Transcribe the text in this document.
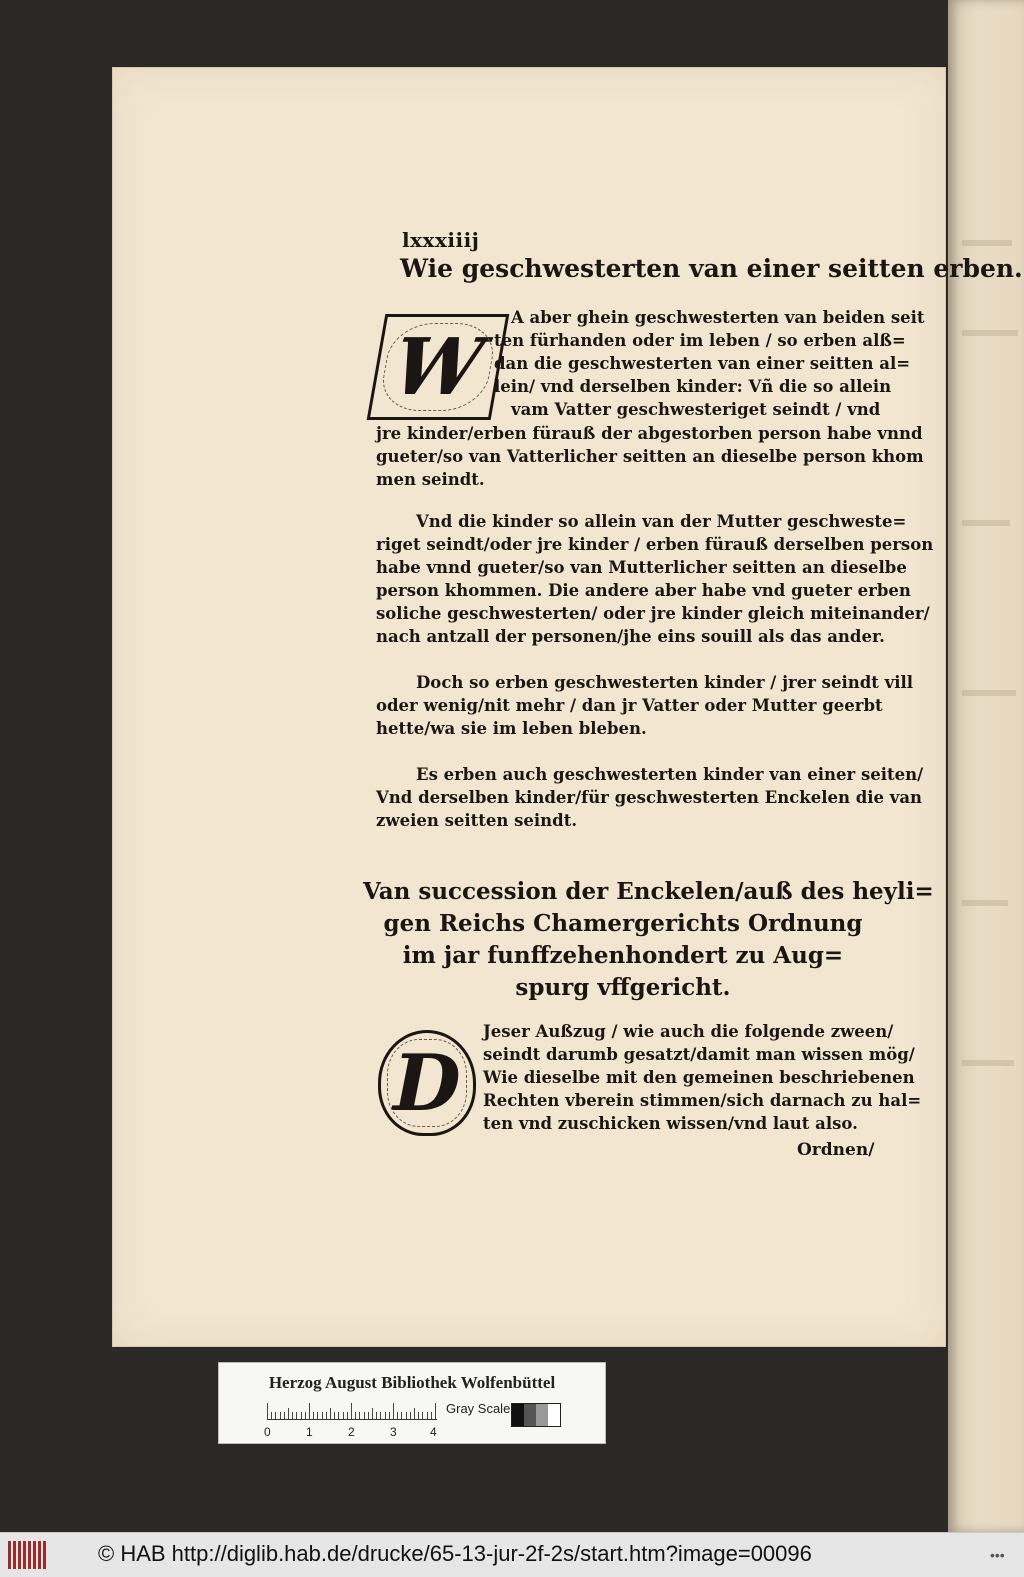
lxxxiiij
Wie geschwesterten van einer seitten erben.
W
A aber ghein geschwesterten van beiden seit
ten fürhanden oder im leben / so erben alß=
dan die geschwesterten van einer seitten al=
lein/ vnd derselben kinder: Vñ die so allein
vam Vatter geschwesteriget seindt / vnd
jre kinder/erben fürauß der abgestorben person habe vnnd
gueter/so van Vatterlicher seitten an dieselbe person khom
men seindt.
Vnd die kinder so allein van der Mutter geschweste=
riget seindt/oder jre kinder / erben fürauß derselben person
habe vnnd gueter/so van Mutterlicher seitten an dieselbe
person khommen. Die andere aber habe vnd gueter erben
soliche geschwesterten/ oder jre kinder gleich miteinander/
nach antzall der personen/jhe eins souill als das ander.
Doch so erben geschwesterten kinder / jrer seindt vill
oder wenig/nit mehr / dan jr Vatter oder Mutter geerbt
hette/wa sie im leben bleben.
Es erben auch geschwesterten kinder van einer seiten/
Vnd derselben kinder/für geschwesterten Enckelen die van
zweien seitten seindt.
Van succession der Enckelen/auß des heyli=
gen Reichs Chamergerichts Ordnung
im jar funffzehenhondert zu Aug=
spurg vffgericht.
D
Jeser Außzug / wie auch die folgende zween/
seindt darumb gesatzt/damit man wissen mög/
Wie dieselbe mit den gemeinen beschriebenen
Rechten vberein stimmen/sich darnach zu hal=
ten vnd zuschicken wissen/vnd laut also.
Ordnen/
Herzog August Bibliothek Wolfenbüttel
0	1	2	3	4
Gray Scale
© HAB http://diglib.hab.de/drucke/65-13-jur-2f-2s/start.htm?image=00096	•••
